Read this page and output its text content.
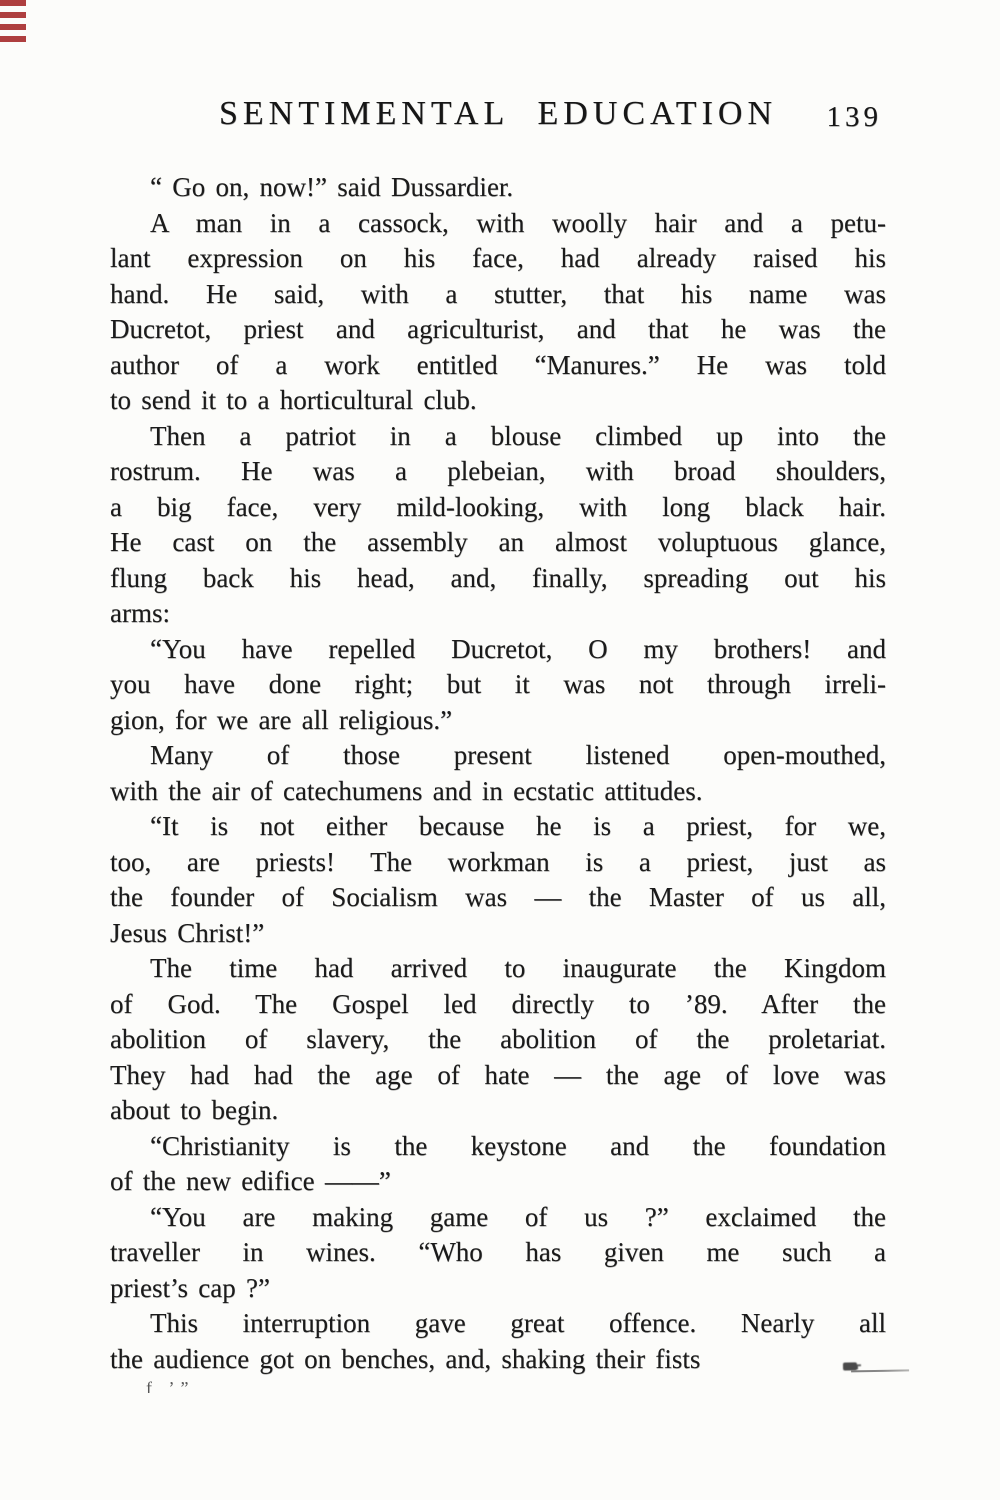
SENTIMENTAL EDUCATION	139
“ Go on, now!” said Dussardier.
A man in a cassock, with woolly hair and a petu-
lant expression on his face, had already raised his
hand. He said, with a stutter, that his name was
Ducretot, priest and agriculturist, and that he was the
author of a work entitled “Manures.” He was told
to send it to a horticultural club.
Then a patriot in a blouse climbed up into the
rostrum. He was a plebeian, with broad shoulders,
a big face, very mild-looking, with long black hair.
He cast on the assembly an almost voluptuous glance,
flung back his head, and, finally, spreading out his
arms:
“You have repelled Ducretot, O my brothers! and
you have done right; but it was not through irreli-
gion, for we are all religious.”
Many of those present listened open-mouthed,
with the air of catechumens and in ecstatic attitudes.
“It is not either because he is a priest, for we,
too, are priests! The workman is a priest, just as
the founder of Socialism was — the Master of us all,
Jesus Christ!”
The time had arrived to inaugurate the Kingdom
of God. The Gospel led directly to ’89. After the
abolition of slavery, the abolition of the proletariat.
They had had the age of hate — the age of love was
about to begin.
“Christianity is the keystone and the foundation
of the new edifice ——”
“You are making game of us ?” exclaimed the
traveller in wines. “Who has given me such a
priest’s cap ?”
This interruption gave great offence. Nearly all
the audience got on benches, and, shaking their fists
f ’”
